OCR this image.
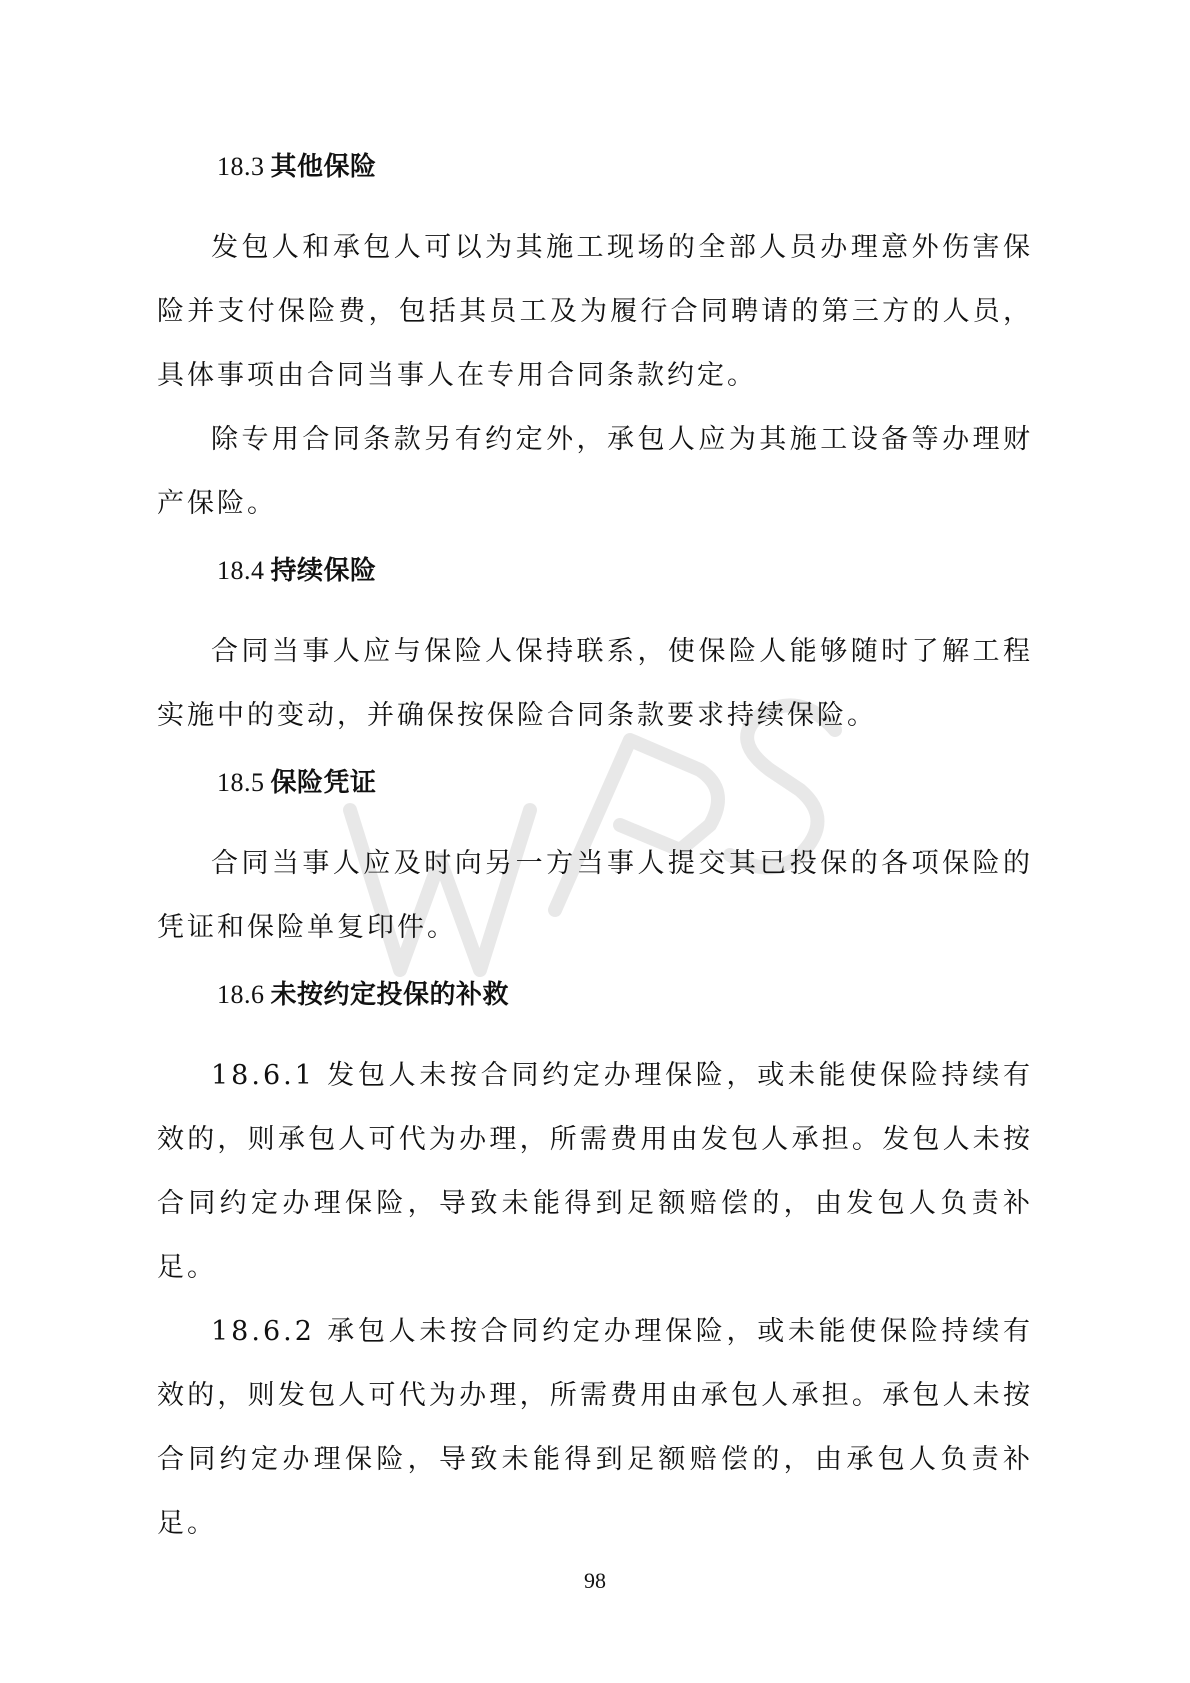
18.3 其他保险

发包人和承包人可以为其施工现场的全部人员办理意外伤害保险并支付保险费，包括其员工及为履行合同聘请的第三方的人员，具体事项由合同当事人在专用合同条款约定。

除专用合同条款另有约定外，承包人应为其施工设备等办理财产保险。

18.4 持续保险

合同当事人应与保险人保持联系，使保险人能够随时了解工程实施中的变动，并确保按保险合同条款要求持续保险。

18.5 保险凭证

合同当事人应及时向另一方当事人提交其已投保的各项保险的凭证和保险单复印件。

18.6 未按约定投保的补救

18.6.1 发包人未按合同约定办理保险，或未能使保险持续有效的，则承包人可代为办理，所需费用由发包人承担。发包人未按合同约定办理保险，导致未能得到足额赔偿的，由发包人负责补足。

18.6.2 承包人未按合同约定办理保险，或未能使保险持续有效的，则发包人可代为办理，所需费用由承包人承担。承包人未按合同约定办理保险，导致未能得到足额赔偿的，由承包人负责补足。

98
